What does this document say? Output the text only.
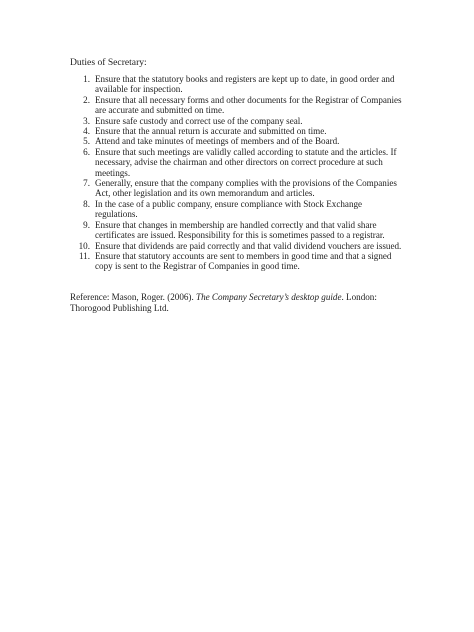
Duties of Secretary:

1. Ensure that the statutory books and registers are kept up to date, in good order and available for inspection.
2. Ensure that all necessary forms and other documents for the Registrar of Companies are accurate and submitted on time.
3. Ensure safe custody and correct use of the company seal.
4. Ensure that the annual return is accurate and submitted on time.
5. Attend and take minutes of meetings of members and of the Board.
6. Ensure that such meetings are validly called according to statute and the articles. If necessary, advise the chairman and other directors on correct procedure at such meetings.
7. Generally, ensure that the company complies with the provisions of the Companies Act, other legislation and its own memorandum and articles.
8. In the case of a public company, ensure compliance with Stock Exchange regulations.
9. Ensure that changes in membership are handled correctly and that valid share certificates are issued. Responsibility for this is sometimes passed to a registrar.
10. Ensure that dividends are paid correctly and that valid dividend vouchers are issued.
11. Ensure that statutory accounts are sent to members in good time and that a signed copy is sent to the Registrar of Companies in good time.

Reference: Mason, Roger. (2006). The Company Secretary’s desktop guide. London: Thorogood Publishing Ltd.
